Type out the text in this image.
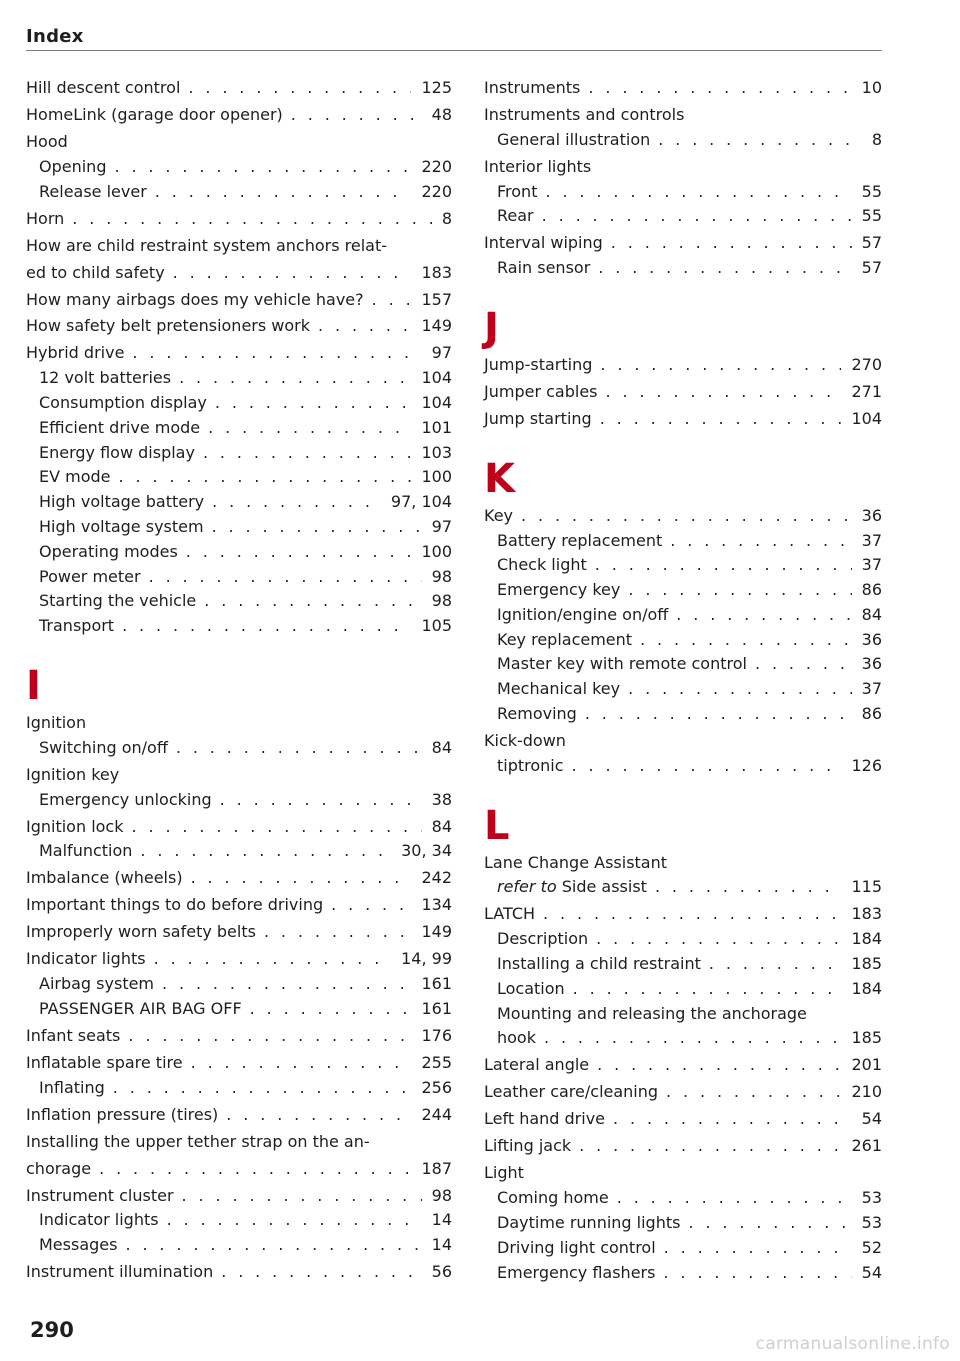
Index
Hill descent control . . .	125
HomeLink (garage door opener) . . .	48
Hood
Opening . . .	220
Release lever . . .	220
Horn . . .	8
How are child restraint system anchors relat-
ed to child safety . . .	183
How many airbags does my vehicle have? . . .	157
How safety belt pretensioners work . . .	149
Hybrid drive . . .	97
12 volt batteries . . .	104
Consumption display . . .	104
Efficient drive mode . . .	101
Energy flow display . . .	103
EV mode . . .	100
High voltage battery . . .	97, 104
High voltage system . . .	97
Operating modes . . .	100
Power meter . . .	98
Starting the vehicle . . .	98
Transport . . .	105
I
Ignition
Switching on/off . . .	84
Ignition key
Emergency unlocking . . .	38
Ignition lock . . .	84
Malfunction . . .	30, 34
Imbalance (wheels) . . .	242
Important things to do before driving . . .	134
Improperly worn safety belts . . .	149
Indicator lights . . .	14, 99
Airbag system . . .	161
PASSENGER AIR BAG OFF . . .	161
Infant seats . . .	176
Inflatable spare tire . . .	255
Inflating . . .	256
Inflation pressure (tires) . . .	244
Installing the upper tether strap on the an-
chorage . . .	187
Instrument cluster . . .	98
Indicator lights . . .	14
Messages . . .	14
Instrument illumination . . .	56
Instruments . . .	10
Instruments and controls
General illustration . . .	8
Interior lights
Front . . .	55
Rear . . .	55
Interval wiping . . .	57
Rain sensor . . .	57
J
Jump-starting . . .	270
Jumper cables . . .	271
Jump starting . . .	104
K
Key . . .	36
Battery replacement . . .	37
Check light . . .	37
Emergency key . . .	86
Ignition/engine on/off . . .	84
Key replacement . . .	36
Master key with remote control . . .	36
Mechanical key . . .	37
Removing . . .	86
Kick-down
tiptronic . . .	126
L
Lane Change Assistant
refer to Side assist . . .	115
LATCH . . .	183
Description . . .	184
Installing a child restraint . . .	185
Location . . .	184
Mounting and releasing the anchorage
hook . . .	185
Lateral angle . . .	201
Leather care/cleaning . . .	210
Left hand drive . . .	54
Lifting jack . . .	261
Light
Coming home . . .	53
Daytime running lights . . .	53
Driving light control . . .	52
Emergency flashers . . .	54
290
carmanualsonline.info
